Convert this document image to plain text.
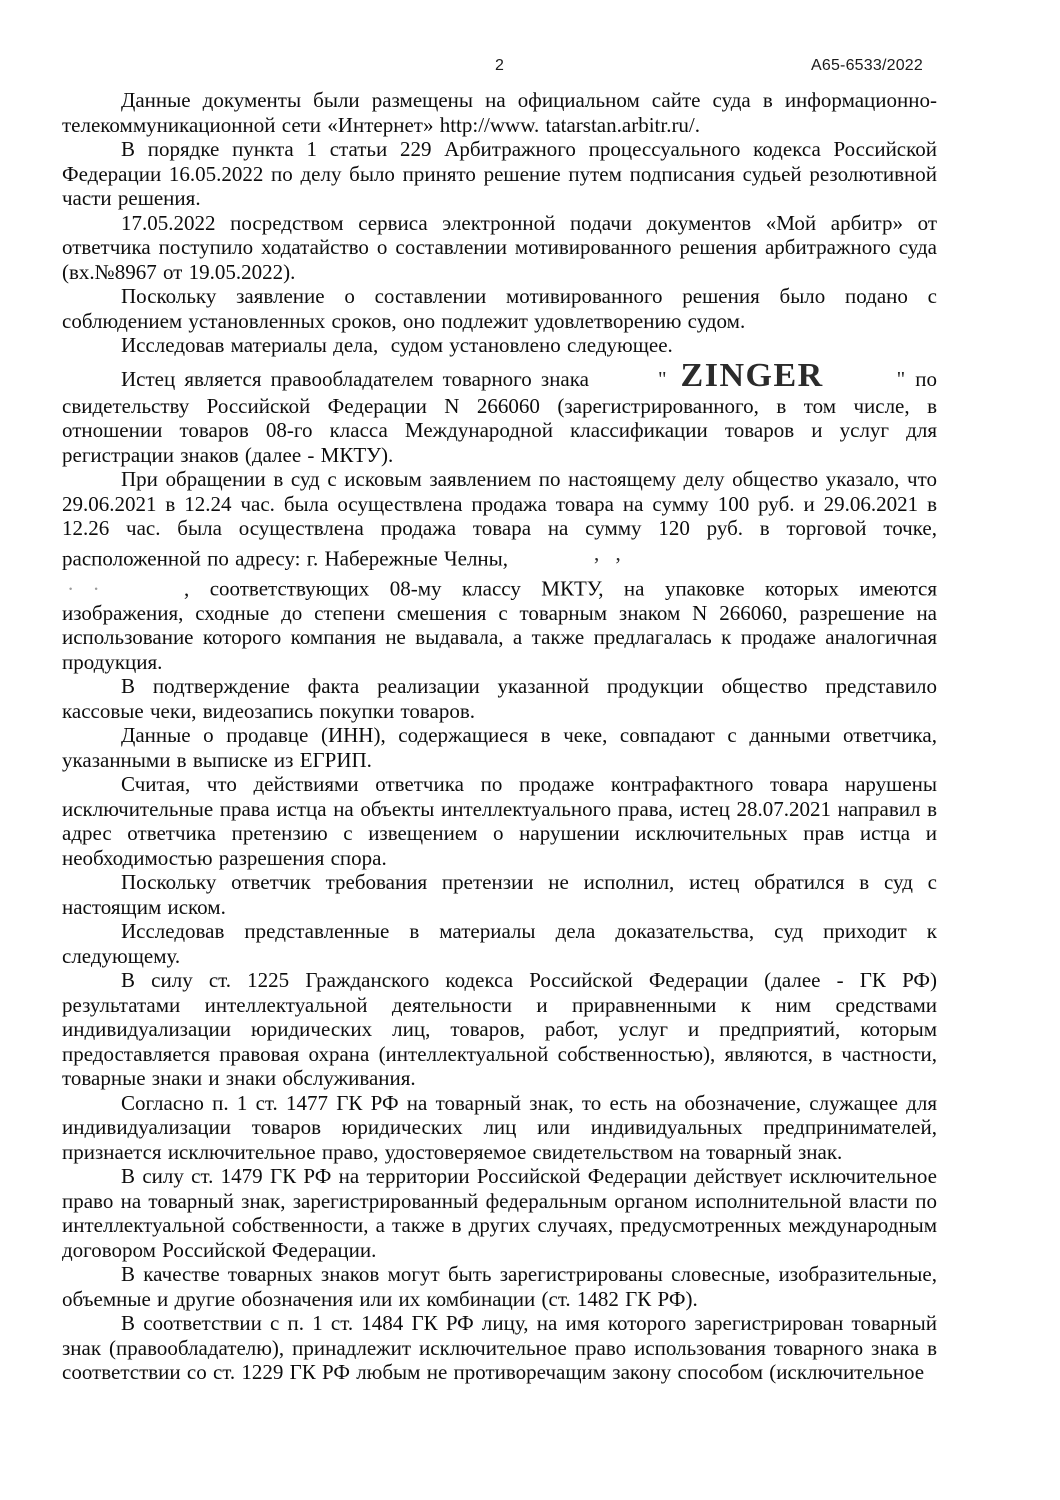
2	А65-6533/2022

Данные документы были размещены на официальном сайте суда в информационно-телекоммуникационной сети «Интернет» http://www. tatarstan.arbitr.ru/.

В порядке пункта 1 статьи 229 Арбитражного процессуального кодекса Российской Федерации 16.05.2022 по делу было принято решение путем подписания судьей резолютивной части решения.

17.05.2022 посредством сервиса электронной подачи документов «Мой арбитр» от ответчика поступило ходатайство о составлении мотивированного решения арбитражного суда (вх.№8967 от 19.05.2022).

Поскольку заявление о составлении мотивированного решения было подано с соблюдением установленных сроков, оно подлежит удовлетворению судом.

Исследовав материалы дела,  судом установлено следующее.

Истец является правообладателем товарного знака	" ZINGER	" по свидетельству Российской Федерации N 266060 (зарегистрированного, в том числе, в отношении товаров 08-го класса Международной классификации товаров и услуг для регистрации знаков (далее - МКТУ).

При обращении в суд с исковым заявлением по настоящему делу общество указало, что 29.06.2021 в 12.24 час. была осуществлена продажа товара на сумму 100 руб. и 29.06.2021 в 12.26 час. была осуществлена продажа товара на сумму 120 руб. в торговой точке, расположенной по адресу: г. Набережные Челны,	, ,

. .	, соответствующих 08-му классу МКТУ, на упаковке которых имеются изображения, сходные до степени смешения с товарным знаком N 266060, разрешение на использование которого компания не выдавала, а также предлагалась к продаже аналогичная продукция.

В подтверждение факта реализации указанной продукции общество представило кассовые чеки, видеозапись покупки товаров.

Данные о продавце (ИНН), содержащиеся в чеке, совпадают с данными ответчика, указанными в выписке из ЕГРИП.

Считая, что действиями ответчика по продаже контрафактного товара нарушены исключительные права истца на объекты интеллектуального права, истец 28.07.2021 направил в адрес ответчика претензию с извещением о нарушении исключительных прав истца и необходимостью разрешения спора.

Поскольку ответчик требования претензии не исполнил, истец обратился в суд с настоящим иском.

Исследовав представленные в материалы дела доказательства, суд приходит к следующему.

В силу ст. 1225 Гражданского кодекса Российской Федерации (далее - ГК РФ) результатами интеллектуальной деятельности и приравненными к ним средствами индивидуализации юридических лиц, товаров, работ, услуг и предприятий, которым предоставляется правовая охрана (интеллектуальной собственностью), являются, в частности, товарные знаки и знаки обслуживания.

Согласно п. 1 ст. 1477 ГК РФ на товарный знак, то есть на обозначение, служащее для индивидуализации товаров юридических лиц или индивидуальных предпринимателей, признается исключительное право, удостоверяемое свидетельством на товарный знак.

В силу ст. 1479 ГК РФ на территории Российской Федерации действует исключительное право на товарный знак, зарегистрированный федеральным органом исполнительной власти по интеллектуальной собственности, а также в других случаях, предусмотренных международным договором Российской Федерации.

В качестве товарных знаков могут быть зарегистрированы словесные, изобразительные, объемные и другие обозначения или их комбинации (ст. 1482 ГК РФ).

В соответствии с п. 1 ст. 1484 ГК РФ лицу, на имя которого зарегистрирован товарный знак (правообладателю), принадлежит исключительное право использования товарного знака в соответствии со ст. 1229 ГК РФ любым не противоречащим закону способом (исключительное
